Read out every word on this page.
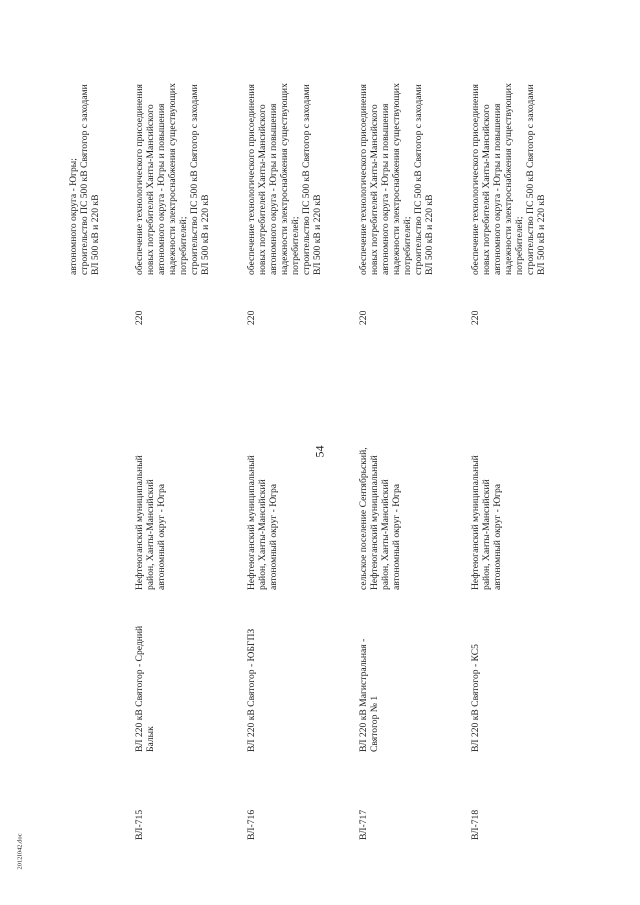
54
2012I042.doc
автономного округа - Югры;
строительство ПС 500 кВ Святогор с заходами
ВЛ 500 кВ и 220 кВ
ВЛ-715
ВЛ 220 кВ Святогор - Средний
Балык
Нефтеюганский муниципальный
район, Ханты-Мансийский
автономный округ - Югра
220
обеспечение технологического присоединения
новых потребителей Ханты-Мансийского
автономного округа - Югры и повышения
надежности электроснабжения существующих
потребителей;
строительство ПС 500 кВ Святогор с заходами
ВЛ 500 кВ и 220 кВ
ВЛ-716
ВЛ 220 кВ Святогор - ЮБГПЗ
Нефтеюганский муниципальный
район, Ханты-Мансийский
автономный округ - Югра
220
обеспечение технологического присоединения
новых потребителей Ханты-Мансийского
автономного округа - Югры и повышения
надежности электроснабжения существующих
потребителей;
строительство ПС 500 кВ Святогор с заходами
ВЛ 500 кВ и 220 кВ
ВЛ-717
ВЛ 220 кВ Магистральная -
Святогор № 1
сельское поселение Сентябрьский,
Нефтеюганский муниципальный
район, Ханты-Мансийский
автономный округ - Югра
220
обеспечение технологического присоединения
новых потребителей Ханты-Мансийского
автономного округа - Югры и повышения
надежности электроснабжения существующих
потребителей;
строительство ПС 500 кВ Святогор с заходами
ВЛ 500 кВ и 220 кВ
ВЛ-718
ВЛ 220 кВ Святогор - КС5
Нефтеюганский муниципальный
район, Ханты-Мансийский
автономный округ - Югра
220
обеспечение технологического присоединения
новых потребителей Ханты-Мансийского
автономного округа - Югры и повышения
надежности электроснабжения существующих
потребителей;
строительство ПС 500 кВ Святогор с заходами
ВЛ 500 кВ и 220 кВ
